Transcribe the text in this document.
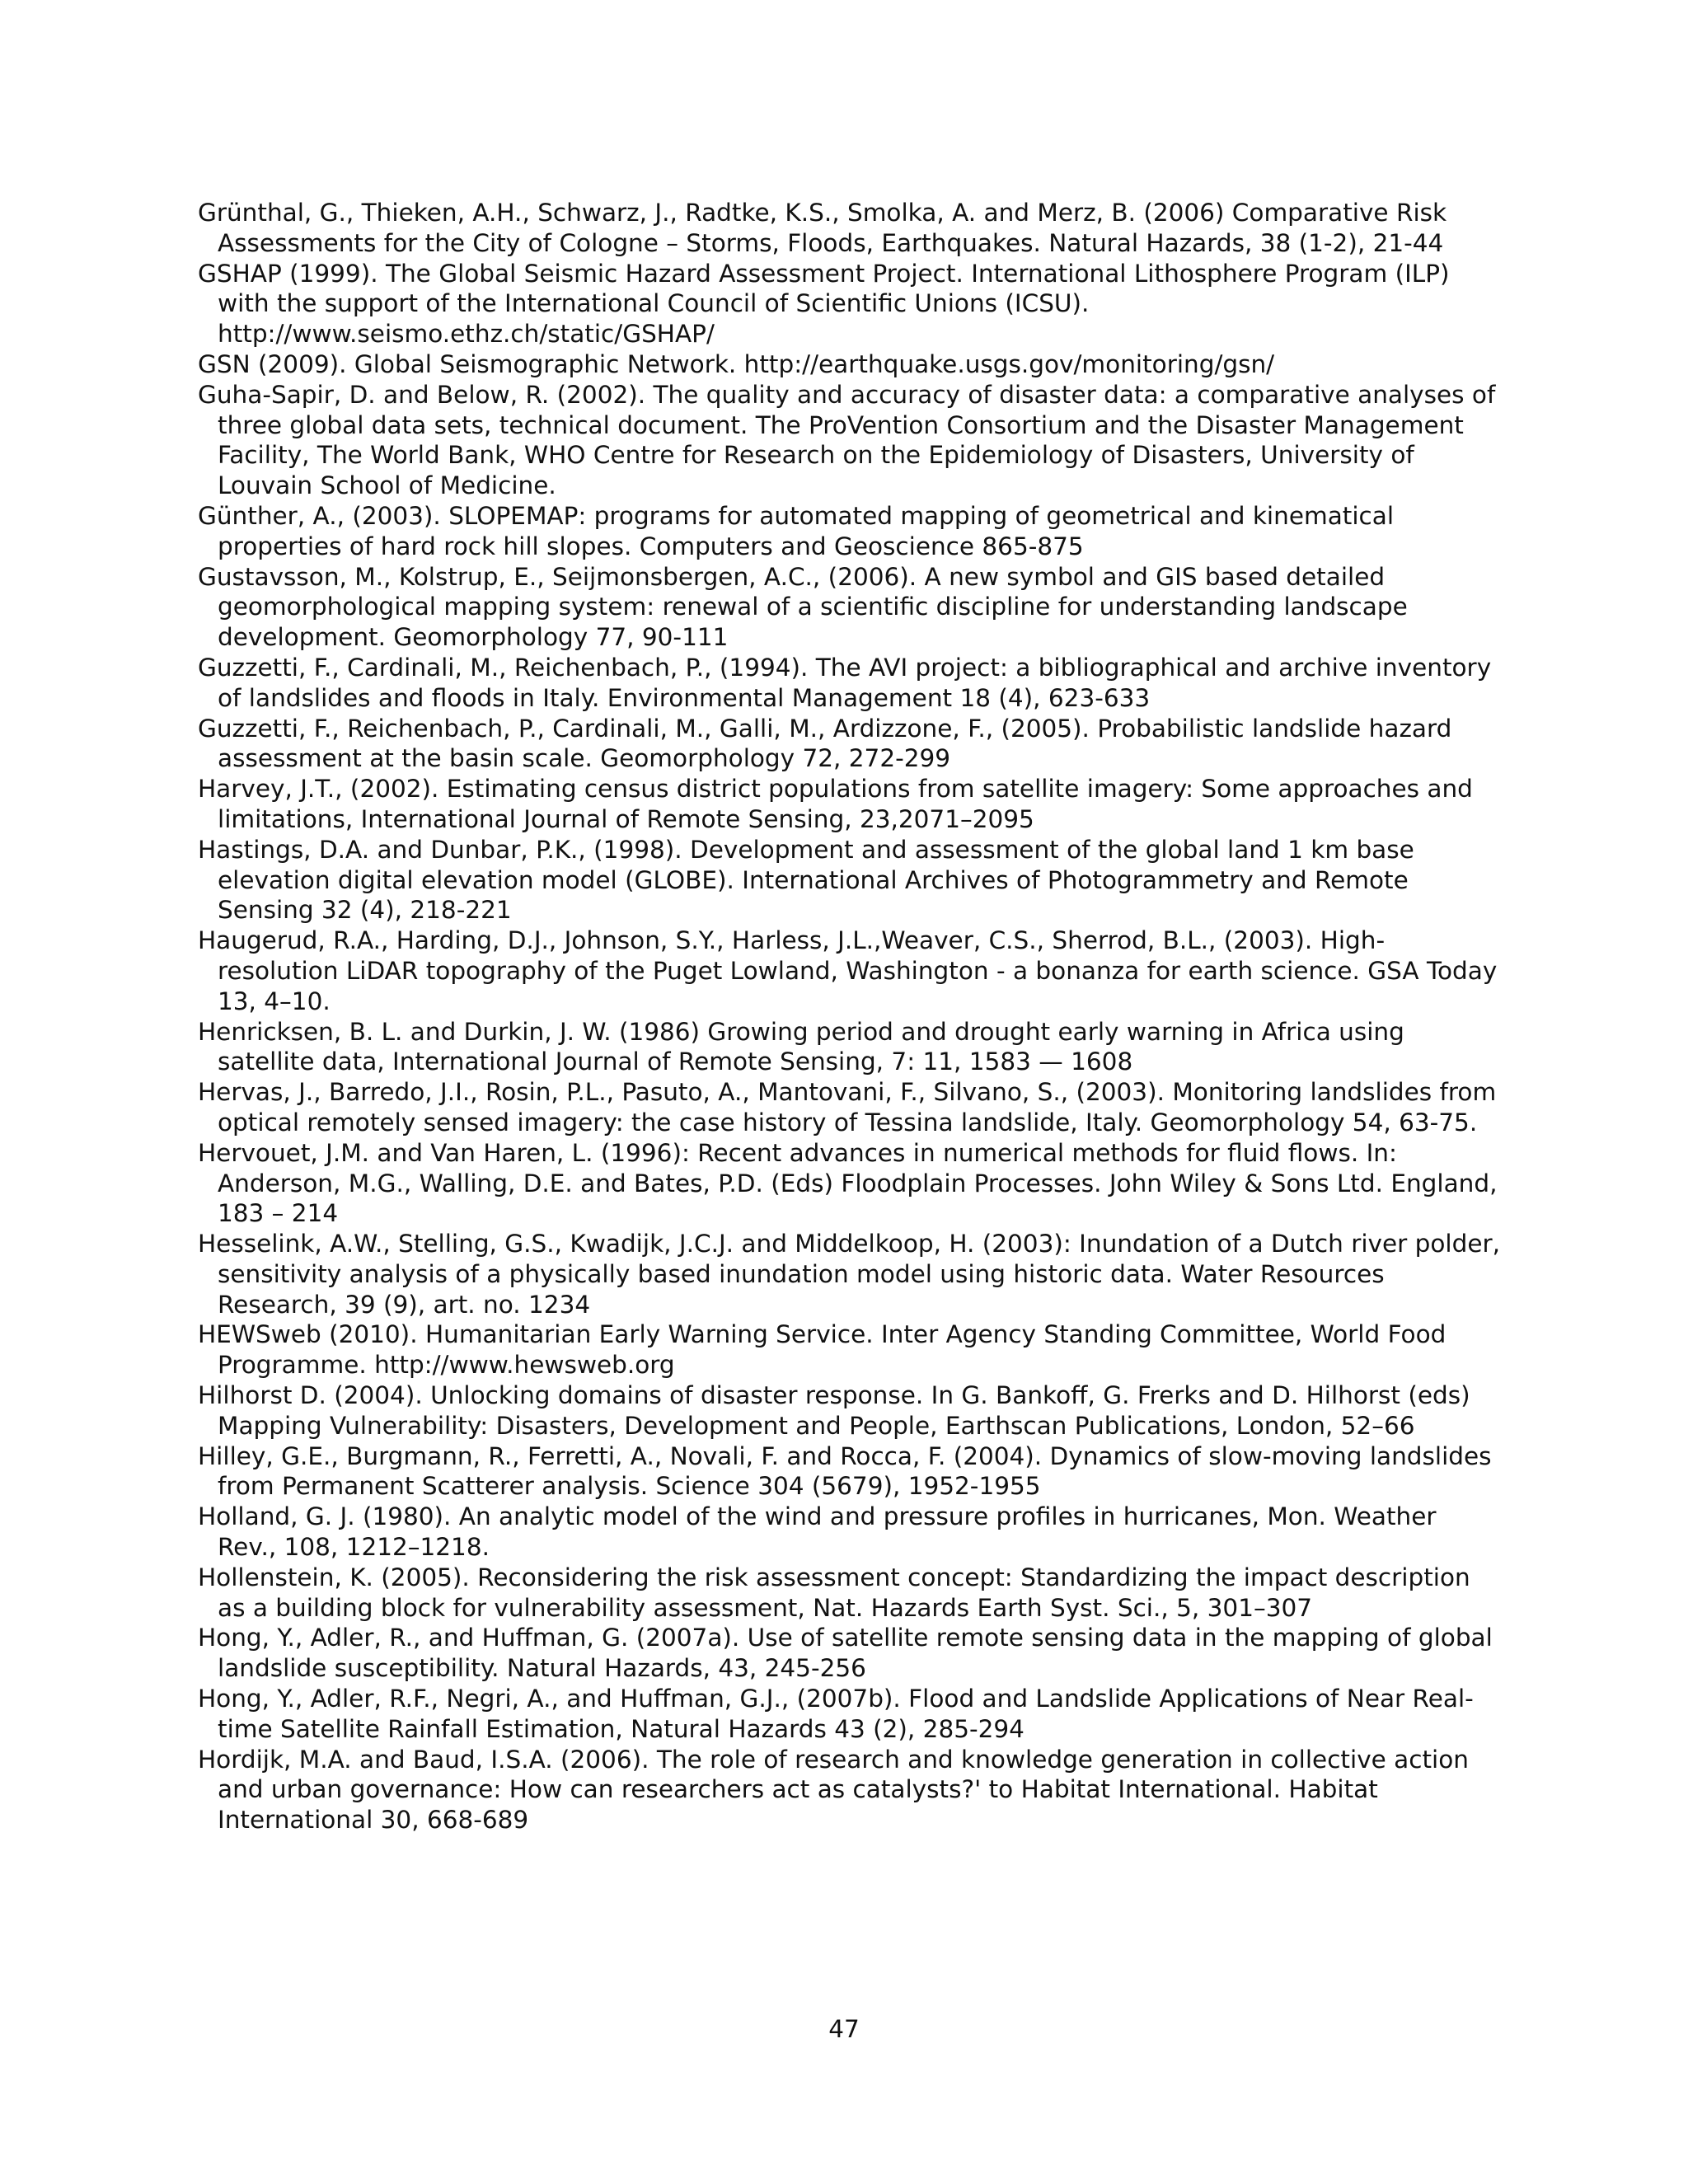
Grünthal, G., Thieken, A.H., Schwarz, J., Radtke, K.S., Smolka, A. and Merz, B. (2006) Comparative Risk Assessments for the City of Cologne – Storms, Floods, Earthquakes. Natural Hazards, 38 (1-2), 21-44
GSHAP (1999). The Global Seismic Hazard Assessment Project. International Lithosphere Program (ILP) with the support of the International Council of Scientific Unions (ICSU). http://www.seismo.ethz.ch/static/GSHAP/
GSN (2009). Global Seismographic Network. http://earthquake.usgs.gov/monitoring/gsn/
Guha-Sapir, D. and Below, R. (2002). The quality and accuracy of disaster data: a comparative analyses of three global data sets, technical document. The ProVention Consortium and the Disaster Management Facility, The World Bank, WHO Centre for Research on the Epidemiology of Disasters, University of Louvain School of Medicine.
Günther, A., (2003). SLOPEMAP: programs for automated mapping of geometrical and kinematical properties of hard rock hill slopes. Computers and Geoscience 865-875
Gustavsson, M., Kolstrup, E., Seijmonsbergen, A.C., (2006). A new symbol and GIS based detailed geomorphological mapping system: renewal of a scientific discipline for understanding landscape development. Geomorphology 77, 90-111
Guzzetti, F., Cardinali, M., Reichenbach, P., (1994). The AVI project: a bibliographical and archive inventory of landslides and floods in Italy. Environmental Management 18 (4), 623-633
Guzzetti, F., Reichenbach, P., Cardinali, M., Galli, M., Ardizzone, F., (2005). Probabilistic landslide hazard assessment at the basin scale. Geomorphology 72, 272-299
Harvey, J.T., (2002). Estimating census district populations from satellite imagery: Some approaches and limitations, International Journal of Remote Sensing, 23,2071–2095
Hastings, D.A. and Dunbar, P.K., (1998). Development and assessment of the global land 1 km base elevation digital elevation model (GLOBE). International Archives of Photogrammetry and Remote Sensing 32 (4), 218-221
Haugerud, R.A., Harding, D.J., Johnson, S.Y., Harless, J.L.,Weaver, C.S., Sherrod, B.L., (2003). High-resolution LiDAR topography of the Puget Lowland, Washington - a bonanza for earth science. GSA Today 13, 4–10.
Henricksen, B. L. and Durkin, J. W. (1986) Growing period and drought early warning in Africa using satellite data, International Journal of Remote Sensing, 7: 11, 1583 — 1608
Hervas, J., Barredo, J.I., Rosin, P.L., Pasuto, A., Mantovani, F., Silvano, S., (2003). Monitoring landslides from optical remotely sensed imagery: the case history of Tessina landslide, Italy. Geomorphology 54, 63-75.
Hervouet, J.M. and Van Haren, L. (1996): Recent advances in numerical methods for fluid flows. In: Anderson, M.G., Walling, D.E. and Bates, P.D. (Eds) Floodplain Processes. John Wiley & Sons Ltd. England, 183 – 214
Hesselink, A.W., Stelling, G.S., Kwadijk, J.C.J. and Middelkoop, H. (2003): Inundation of a Dutch river polder, sensitivity analysis of a physically based inundation model using historic data. Water Resources Research, 39 (9), art. no. 1234
HEWSweb (2010). Humanitarian Early Warning Service. Inter Agency Standing Committee, World Food Programme. http://www.hewsweb.org
Hilhorst D. (2004). Unlocking domains of disaster response. In G. Bankoff, G. Frerks and D. Hilhorst (eds) Mapping Vulnerability: Disasters, Development and People, Earthscan Publications, London, 52–66
Hilley, G.E., Burgmann, R., Ferretti, A., Novali, F. and Rocca, F. (2004). Dynamics of slow-moving landslides from Permanent Scatterer analysis. Science 304 (5679), 1952-1955
Holland, G. J. (1980). An analytic model of the wind and pressure profiles in hurricanes, Mon. Weather Rev., 108, 1212–1218.
Hollenstein, K. (2005). Reconsidering the risk assessment concept: Standardizing the impact description as a building block for vulnerability assessment, Nat. Hazards Earth Syst. Sci., 5, 301–307
Hong, Y., Adler, R., and Huffman, G. (2007a). Use of satellite remote sensing data in the mapping of global landslide susceptibility. Natural Hazards, 43, 245-256
Hong, Y., Adler, R.F., Negri, A., and Huffman, G.J., (2007b). Flood and Landslide Applications of Near Real-time Satellite Rainfall Estimation, Natural Hazards 43 (2), 285-294
Hordijk, M.A. and Baud, I.S.A. (2006). The role of research and knowledge generation in collective action and urban governance: How can researchers act as catalysts?' to Habitat International. Habitat International 30, 668-689
47
